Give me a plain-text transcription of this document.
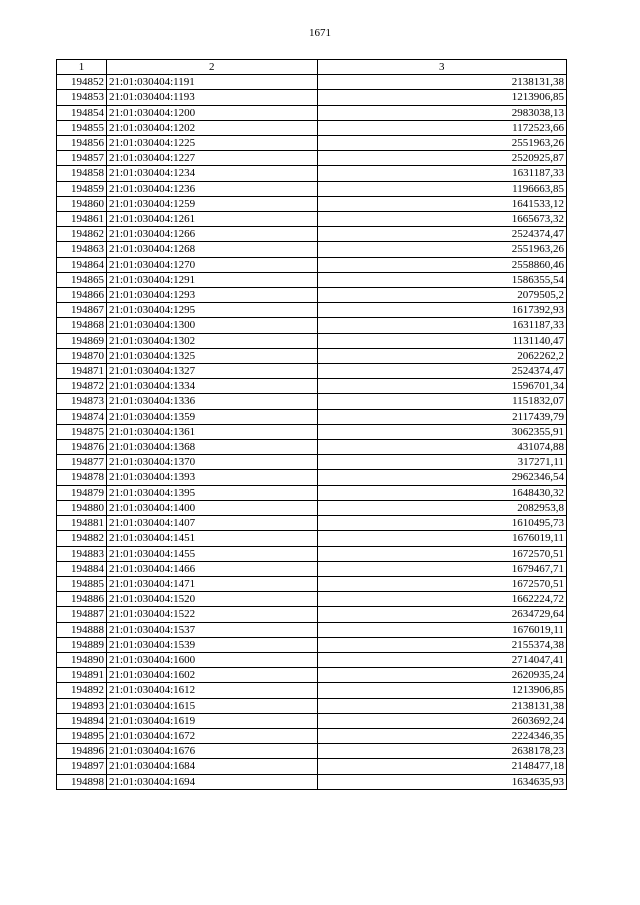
1671
1	2	3
194852	21:01:030404:1191	2138131,38
194853	21:01:030404:1193	1213906,85
194854	21:01:030404:1200	2983038,13
194855	21:01:030404:1202	1172523,66
194856	21:01:030404:1225	2551963,26
194857	21:01:030404:1227	2520925,87
194858	21:01:030404:1234	1631187,33
194859	21:01:030404:1236	1196663,85
194860	21:01:030404:1259	1641533,12
194861	21:01:030404:1261	1665673,32
194862	21:01:030404:1266	2524374,47
194863	21:01:030404:1268	2551963,26
194864	21:01:030404:1270	2558860,46
194865	21:01:030404:1291	1586355,54
194866	21:01:030404:1293	2079505,2
194867	21:01:030404:1295	1617392,93
194868	21:01:030404:1300	1631187,33
194869	21:01:030404:1302	1131140,47
194870	21:01:030404:1325	2062262,2
194871	21:01:030404:1327	2524374,47
194872	21:01:030404:1334	1596701,34
194873	21:01:030404:1336	1151832,07
194874	21:01:030404:1359	2117439,79
194875	21:01:030404:1361	3062355,91
194876	21:01:030404:1368	431074,88
194877	21:01:030404:1370	317271,11
194878	21:01:030404:1393	2962346,54
194879	21:01:030404:1395	1648430,32
194880	21:01:030404:1400	2082953,8
194881	21:01:030404:1407	1610495,73
194882	21:01:030404:1451	1676019,11
194883	21:01:030404:1455	1672570,51
194884	21:01:030404:1466	1679467,71
194885	21:01:030404:1471	1672570,51
194886	21:01:030404:1520	1662224,72
194887	21:01:030404:1522	2634729,64
194888	21:01:030404:1537	1676019,11
194889	21:01:030404:1539	2155374,38
194890	21:01:030404:1600	2714047,41
194891	21:01:030404:1602	2620935,24
194892	21:01:030404:1612	1213906,85
194893	21:01:030404:1615	2138131,38
194894	21:01:030404:1619	2603692,24
194895	21:01:030404:1672	2224346,35
194896	21:01:030404:1676	2638178,23
194897	21:01:030404:1684	2148477,18
194898	21:01:030404:1694	1634635,93
